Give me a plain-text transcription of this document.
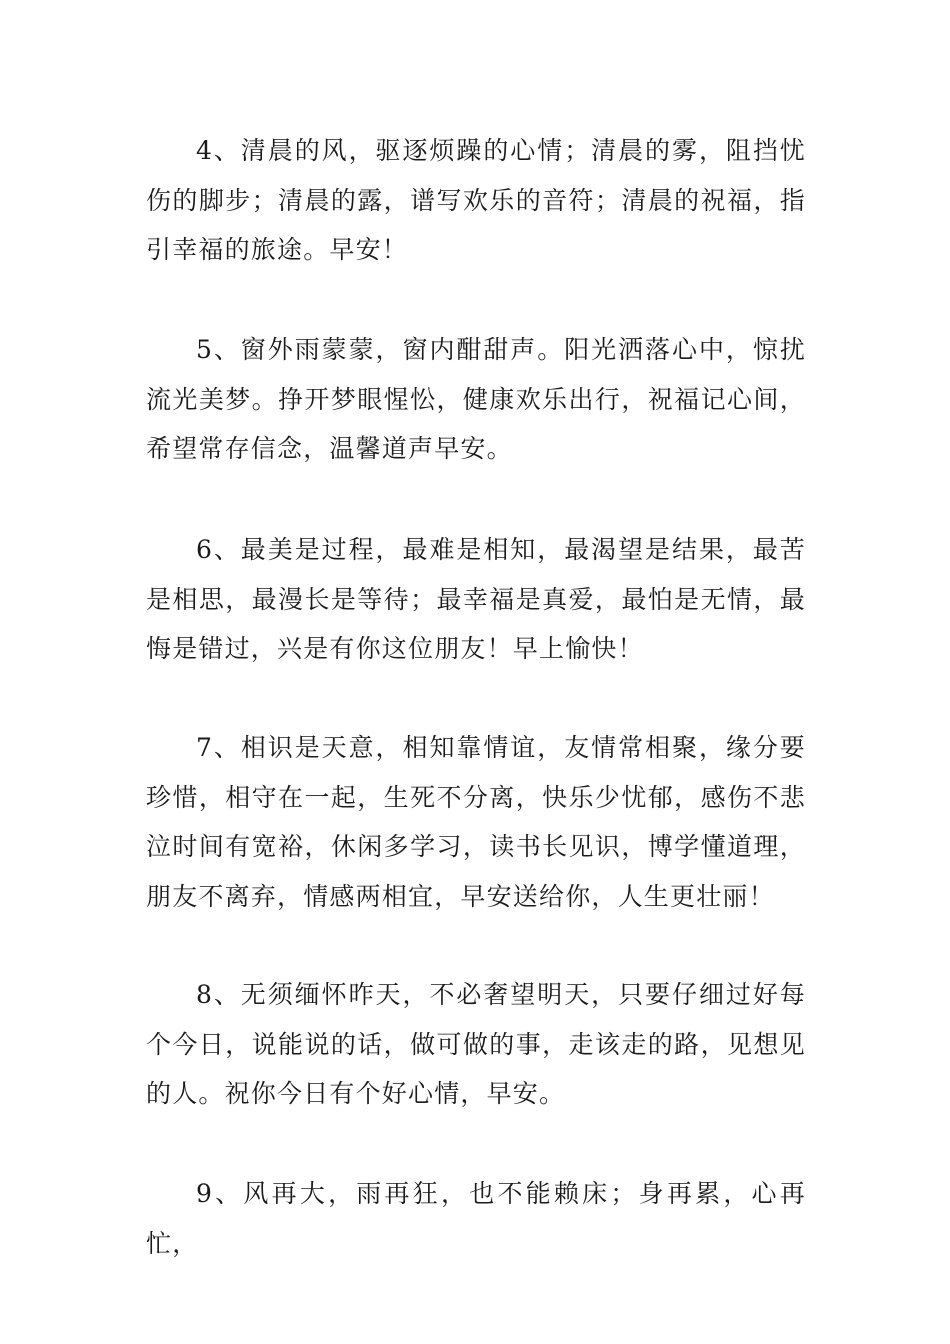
4、清晨的风，驱逐烦躁的心情；清晨的雾，阻挡忧伤的脚步；清晨的露，谱写欢乐的音符；清晨的祝福，指引幸福的旅途。早安！

5、窗外雨蒙蒙，窗内酣甜声。阳光洒落心中，惊扰流光美梦。挣开梦眼惺忪，健康欢乐出行，祝福记心间，希望常存信念，温馨道声早安。

6、最美是过程，最难是相知，最渴望是结果，最苦是相思，最漫长是等待；最幸福是真爱，最怕是无情，最悔是错过，兴是有你这位朋友！早上愉快！

7、相识是天意，相知靠情谊，友情常相聚，缘分要珍惜，相守在一起，生死不分离，快乐少忧郁，感伤不悲泣时间有宽裕，休闲多学习，读书长见识，博学懂道理，朋友不离弃，情感两相宜，早安送给你，人生更壮丽！

8、无须缅怀昨天，不必奢望明天，只要仔细过好每个今日，说能说的话，做可做的事，走该走的路，见想见的人。祝你今日有个好心情，早安。

9、风再大，雨再狂，也不能赖床；身再累，心再忙，
